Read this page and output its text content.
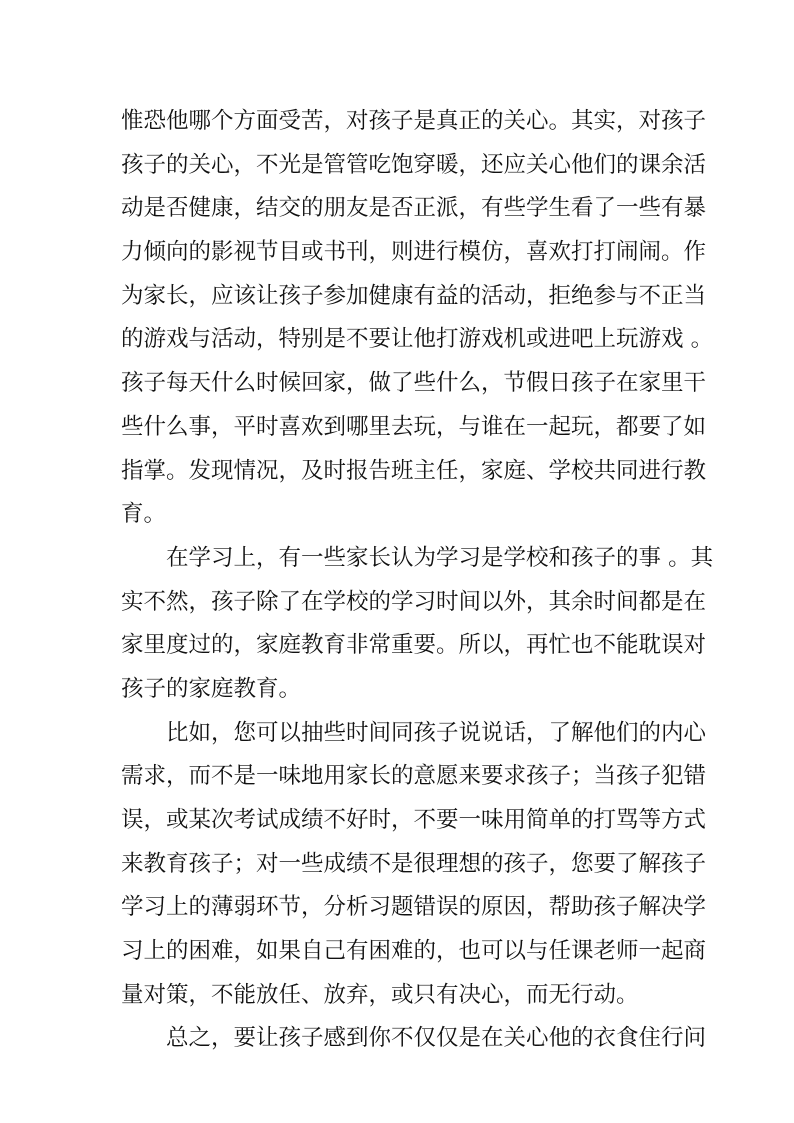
惟恐他哪个方面受苦，对孩子是真正的关心。其实，对孩子
孩子的关心，不光是管管吃饱穿暖，还应关心他们的课余活
动是否健康，结交的朋友是否正派，有些学生看了一些有暴
力倾向的影视节目或书刊，则进行模仿，喜欢打打闹闹。作
为家长，应该让孩子参加健康有益的活动，拒绝参与不正当
的游戏与活动，特别是不要让他打游戏机或进吧上玩游戏 。
孩子每天什么时候回家，做了些什么，节假日孩子在家里干
些什么事，平时喜欢到哪里去玩，与谁在一起玩，都要了如
指掌。发现情况，及时报告班主任，家庭、学校共同进行教
育。
在学习上，有一些家长认为学习是学校和孩子的事 。其
实不然，孩子除了在学校的学习时间以外，其余时间都是在
家里度过的，家庭教育非常重要。所以，再忙也不能耽误对
孩子的家庭教育。
比如，您可以抽些时间同孩子说说话，了解他们的内心
需求，而不是一味地用家长的意愿来要求孩子；当孩子犯错
误，或某次考试成绩不好时，不要一味用简单的打骂等方式
来教育孩子；对一些成绩不是很理想的孩子，您要了解孩子
学习上的薄弱环节，分析习题错误的原因，帮助孩子解决学
习上的困难，如果自己有困难的，也可以与任课老师一起商
量对策，不能放任、放弃，或只有决心，而无行动。
总之，要让孩子感到你不仅仅是在关心他的衣食住行问
